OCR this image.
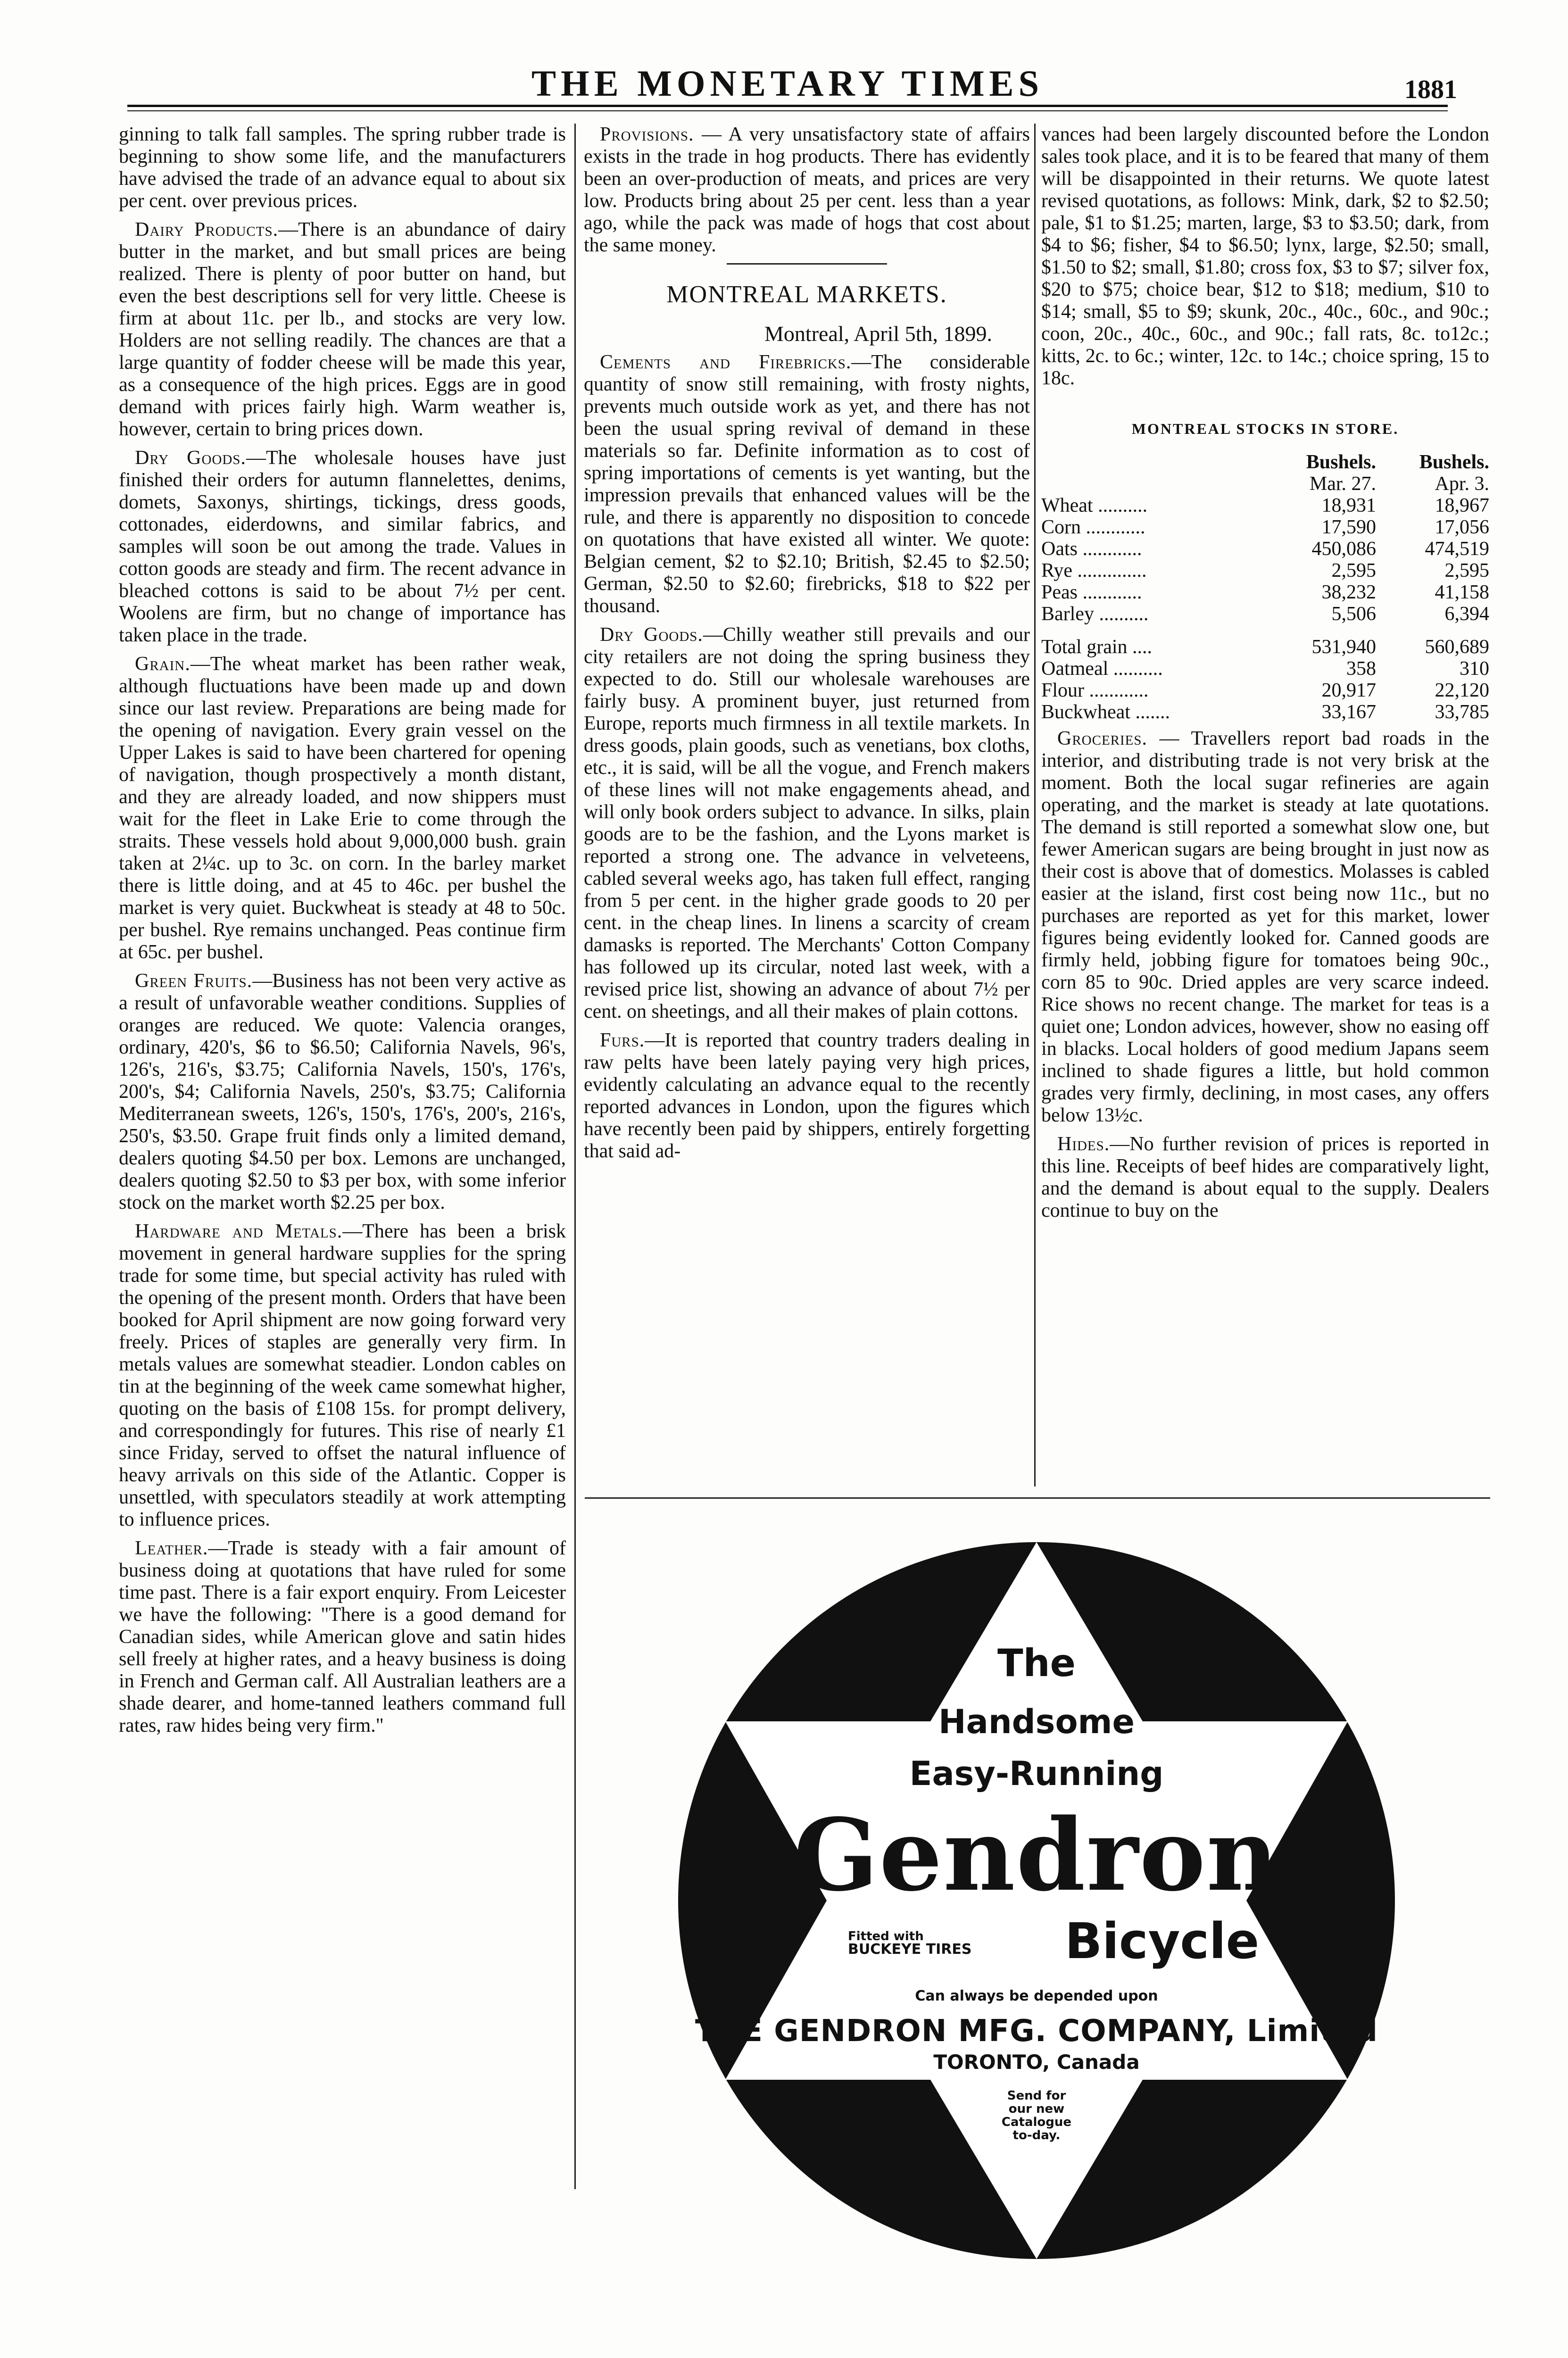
THE MONETARY TIMES	1881

ginning to talk fall samples. The spring rubber trade is beginning to show some life, and the manufacturers have advised the trade of an advance equal to about six per cent. over previous prices.

Dairy Products.—There is an abundance of dairy butter in the market, and but small prices are being realized. There is plenty of poor butter on hand, but even the best descriptions sell for very little. Cheese is firm at about 11c. per lb., and stocks are very low. Holders are not selling readily. The chances are that a large quantity of fodder cheese will be made this year, as a consequence of the high prices. Eggs are in good demand with prices fairly high. Warm weather is, however, certain to bring prices down.

Dry Goods.—The wholesale houses have just finished their orders for autumn flannelettes, denims, domets, Saxonys, shirtings, tickings, dress goods, cottonades, eiderdowns, and similar fabrics, and samples will soon be out among the trade. Values in cotton goods are steady and firm. The recent advance in bleached cottons is said to be about 7½ per cent. Woolens are firm, but no change of importance has taken place in the trade.

Grain.—The wheat market has been rather weak, although fluctuations have been made up and down since our last review. Preparations are being made for the opening of navigation. Every grain vessel on the Upper Lakes is said to have been chartered for opening of navigation, though prospectively a month distant, and they are already loaded, and now shippers must wait for the fleet in Lake Erie to come through the straits. These vessels hold about 9,000,000 bush. grain taken at 2¼c. up to 3c. on corn. In the barley market there is little doing, and at 45 to 46c. per bushel the market is very quiet. Buckwheat is steady at 48 to 50c. per bushel. Rye remains unchanged. Peas continue firm at 65c. per bushel.

Green Fruits.—Business has not been very active as a result of unfavorable weather conditions. Supplies of oranges are reduced. We quote: Valencia oranges, ordinary, 420's, $6 to $6.50; California Navels, 96's, 126's, 216's, $3.75; California Navels, 150's, 176's, 200's, $4; California Navels, 250's, $3.75; California Mediterranean sweets, 126's, 150's, 176's, 200's, 216's, 250's, $3.50. Grape fruit finds only a limited demand, dealers quoting $4.50 per box. Lemons are unchanged, dealers quoting $2.50 to $3 per box, with some inferior stock on the market worth $2.25 per box.

Hardware and Metals.—There has been a brisk movement in general hardware supplies for the spring trade for some time, but special activity has ruled with the opening of the present month. Orders that have been booked for April shipment are now going forward very freely. Prices of staples are generally very firm. In metals values are somewhat steadier. London cables on tin at the beginning of the week came somewhat higher, quoting on the basis of £108 15s. for prompt delivery, and correspondingly for futures. This rise of nearly £1 since Friday, served to offset the natural influence of heavy arrivals on this side of the Atlantic. Copper is unsettled, with speculators steadily at work attempting to influence prices.

Leather.—Trade is steady with a fair amount of business doing at quotations that have ruled for some time past. There is a fair export enquiry. From Leicester we have the following: "There is a good demand for Canadian sides, while American glove and satin hides sell freely at higher rates, and a heavy business is doing in French and German calf. All Australian leathers are a shade dearer, and home-tanned leathers command full rates, raw hides being very firm."

Provisions. — A very unsatisfactory state of affairs exists in the trade in hog products. There has evidently been an over-production of meats, and prices are very low. Products bring about 25 per cent. less than a year ago, while the pack was made of hogs that cost about the same money.

MONTREAL MARKETS.

Montreal, April 5th, 1899.

Cements and Firebricks.—The considerable quantity of snow still remaining, with frosty nights, prevents much outside work as yet, and there has not been the usual spring revival of demand in these materials so far. Definite information as to cost of spring importations of cements is yet wanting, but the impression prevails that enhanced values will be the rule, and there is apparently no disposition to concede on quotations that have existed all winter. We quote: Belgian cement, $2 to $2.10; British, $2.45 to $2.50; German, $2.50 to $2.60; firebricks, $18 to $22 per thousand.

Dry Goods.—Chilly weather still prevails and our city retailers are not doing the spring business they expected to do. Still our wholesale warehouses are fairly busy. A prominent buyer, just returned from Europe, reports much firmness in all textile markets. In dress goods, plain goods, such as venetians, box cloths, etc., it is said, will be all the vogue, and French makers of these lines will not make engagements ahead, and will only book orders subject to advance. In silks, plain goods are to be the fashion, and the Lyons market is reported a strong one. The advance in velveteens, cabled several weeks ago, has taken full effect, ranging from 5 per cent. in the higher grade goods to 20 per cent. in the cheap lines. In linens a scarcity of cream damasks is reported. The Merchants' Cotton Company has followed up its circular, noted last week, with a revised price list, showing an advance of about 7½ per cent. on sheetings, and all their makes of plain cottons.

Furs.—It is reported that country traders dealing in raw pelts have been lately paying very high prices, evidently calculating an advance equal to the recently reported advances in London, upon the figures which have recently been paid by shippers, entirely forgetting that said ad-

vances had been largely discounted before the London sales took place, and it is to be feared that many of them will be disappointed in their returns. We quote latest revised quotations, as follows: Mink, dark, $2 to $2.50; pale, $1 to $1.25; marten, large, $3 to $3.50; dark, from $4 to $6; fisher, $4 to $6.50; lynx, large, $2.50; small, $1.50 to $2; small, $1.80; cross fox, $3 to $7; silver fox, $20 to $75; choice bear, $12 to $18; medium, $10 to $14; small, $5 to $9; skunk, 20c., 40c., 60c., and 90c.; coon, 20c., 40c., 60c., and 90c.; fall rats, 8c. to12c.; kitts, 2c. to 6c.; winter, 12c. to 14c.; choice spring, 15 to 18c.

MONTREAL STOCKS IN STORE.
	Bushels.	Bushels.
	Mar. 27.	Apr. 3.
Wheat ..........	18,931	18,967
Corn ............	17,590	17,056
Oats ............	450,086	474,519
Rye ..............	2,595	2,595
Peas ............	38,232	41,158
Barley ..........	5,506	6,394
Total grain ....	531,940	560,689
Oatmeal ..........	358	310
Flour ............	20,917	22,120
Buckwheat .......	33,167	33,785

Groceries. — Travellers report bad roads in the interior, and distributing trade is not very brisk at the moment. Both the local sugar refineries are again operating, and the market is steady at late quotations. The demand is still reported a somewhat slow one, but fewer American sugars are being brought in just now as their cost is above that of domestics. Molasses is cabled easier at the island, first cost being now 11c., but no purchases are reported as yet for this market, lower figures being evidently looked for. Canned goods are firmly held, jobbing figure for tomatoes being 90c., corn 85 to 90c. Dried apples are very scarce indeed. Rice shows no recent change. The market for teas is a quiet one; London advices, however, show no easing off in blacks. Local holders of good medium Japans seem inclined to shade figures a little, but hold common grades very firmly, declining, in most cases, any offers below 13½c.

Hides.—No further revision of prices is reported in this line. Receipts of beef hides are comparatively light, and the demand is about equal to the supply. Dealers continue to buy on the

The
Handsome
Easy-Running
Gendron
Fitted with
BUCKEYE TIRES Bicycle
Can always be depended upon
THE GENDRON MFG. COMPANY, Limited
TORONTO, Canada
Send for
our new
Catalogue
to-day.
